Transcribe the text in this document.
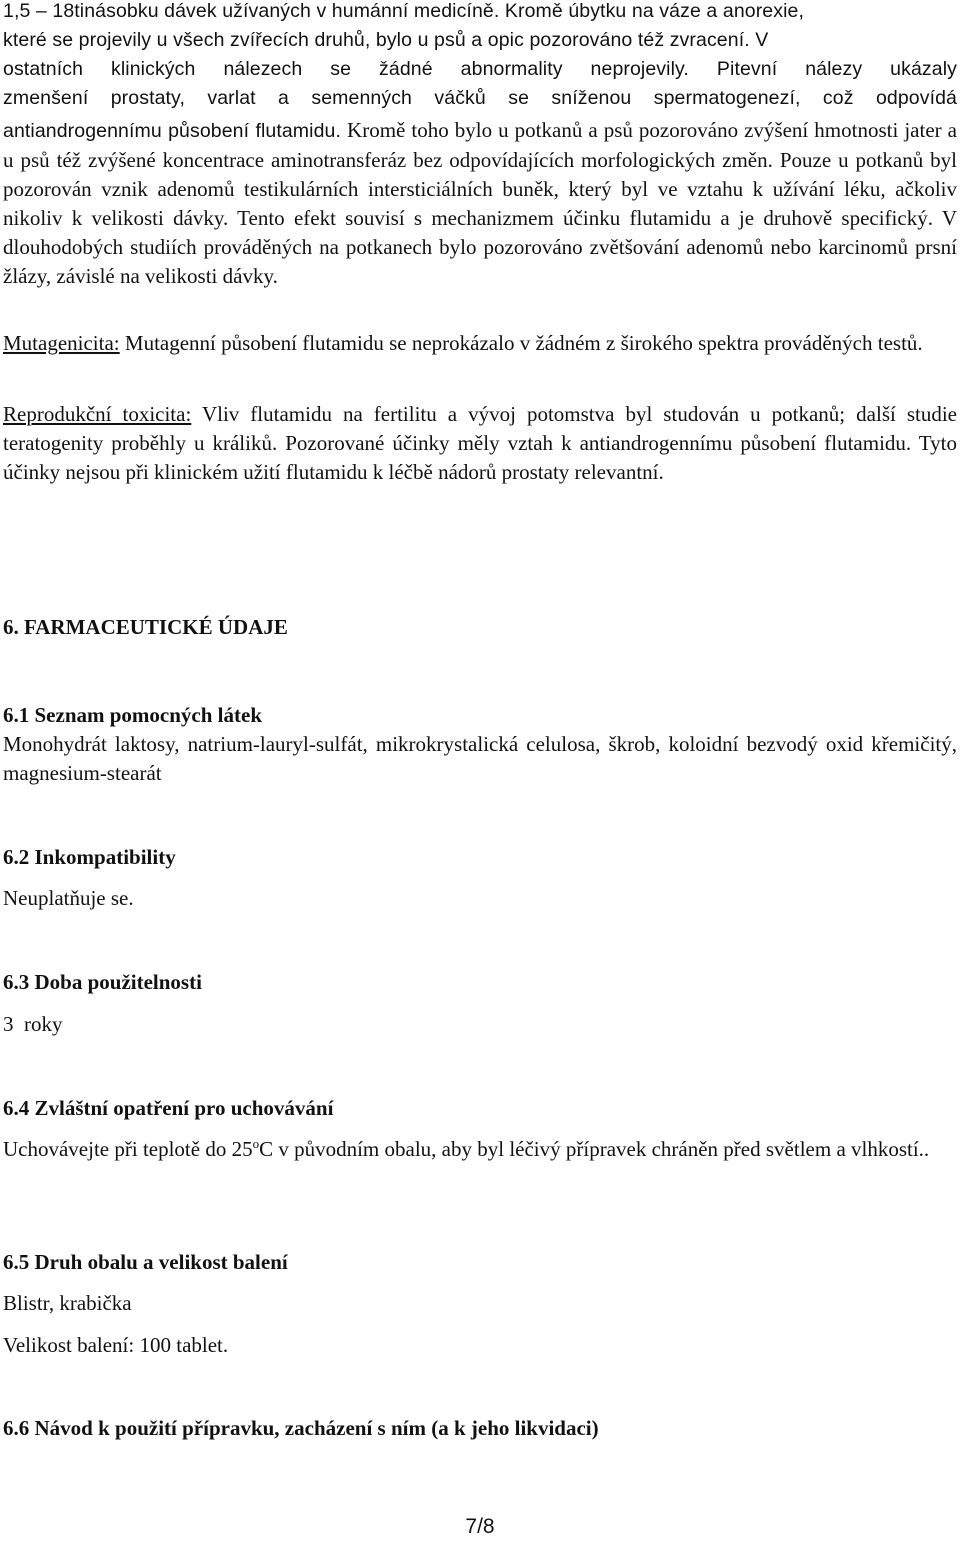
1,5 – 18tinásobku dávek užívaných v humánní medicíně. Kromě úbytku na váze a anorexie,
které se projevily u všech zvířecích druhů, bylo u psů a opic pozorováno též zvracení. V
ostatních klinických nálezech se žádné abnormality neprojevily. Pitevní nálezy ukázaly
zmenšení prostaty, varlat a semenných váčků se sníženou spermatogenezí, což odpovídá
antiandrogennímu působení flutamidu. Kromě toho bylo u potkanů a psů pozorováno zvýšení hmotnosti jater a u psů též zvýšené koncentrace aminotransferáz bez odpovídajících morfologických změn. Pouze u potkanů byl pozorován vznik adenomů testikulárních intersticiálních buněk, který byl ve vztahu k užívání léku, ačkoliv nikoliv k velikosti dávky. Tento efekt souvisí s mechanizmem účinku flutamidu a je druhově specifický. V dlouhodobých studiích prováděných na potkanech bylo pozorováno zvětšování adenomů nebo karcinomů prsní žlázy, závislé na velikosti dávky.

Mutagenicita: Mutagenní působení flutamidu se neprokázalo v žádném z širokého spektra prováděných testů.

Reprodukční toxicita: Vliv flutamidu na fertilitu a vývoj potomstva byl studován u potkanů; další studie teratogenity proběhly u králiků. Pozorované účinky měly vztah k antiandrogennímu působení flutamidu. Tyto účinky nejsou při klinickém užití flutamidu k léčbě nádorů prostaty relevantní.

6. FARMACEUTICKÉ ÚDAJE
6.1 Seznam pomocných látek

Monohydrát laktosy, natrium-lauryl-sulfát, mikrokrystalická celulosa, škrob, koloidní bezvodý oxid křemičitý, magnesium-stearát

6.2 Inkompatibility

Neuplatňuje se.

6.3 Doba použitelnosti

3  roky

6.4 Zvláštní opatření pro uchovávání

Uchovávejte při teplotě do 25$^o$C v původním obalu, aby byl léčivý přípravek chráněn před světlem a vlhkostí..

6.5 Druh obalu a velikost balení

Blistr, krabička

Velikost balení: 100 tablet.

6.6 Návod k použití přípravku, zacházení s ním (a k jeho likvidaci)
7/8
